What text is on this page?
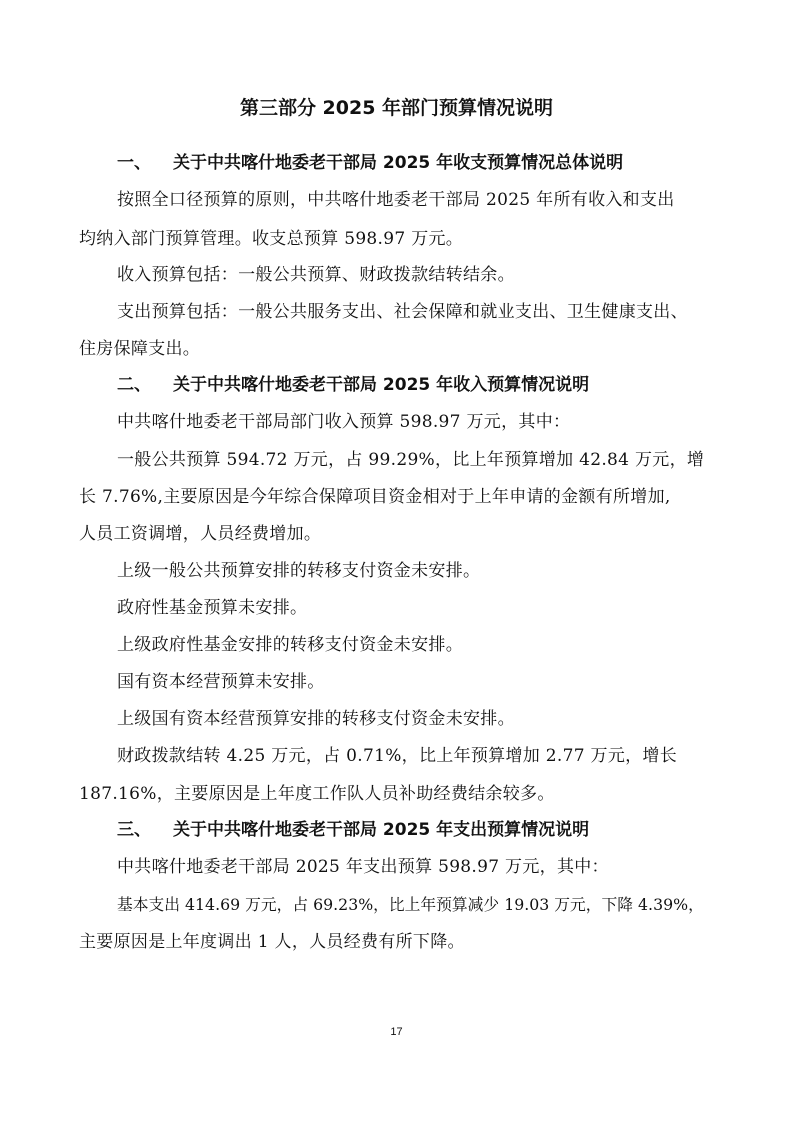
第三部分 2025 年部门预算情况说明
一、 关于中共喀什地委老干部局 2025 年收支预算情况总体说明
按照全口径预算的原则，中共喀什地委老干部局 2025 年所有收入和支出
均纳入部门预算管理。收支总预算 598.97 万元。
收入预算包括：一般公共预算、财政拨款结转结余。
支出预算包括：一般公共服务支出、社会保障和就业支出、卫生健康支出、
住房保障支出。
二、 关于中共喀什地委老干部局 2025 年收入预算情况说明
中共喀什地委老干部局部门收入预算 598.97 万元，其中：
一般公共预算 594.72 万元，占 99.29%，比上年预算增加 42.84 万元，增
长 7.76%,主要原因是今年综合保障项目资金相对于上年申请的金额有所增加,
人员工资调增，人员经费增加。
上级一般公共预算安排的转移支付资金未安排。
政府性基金预算未安排。
上级政府性基金安排的转移支付资金未安排。
国有资本经营预算未安排。
上级国有资本经营预算安排的转移支付资金未安排。
财政拨款结转 4.25 万元，占 0.71%，比上年预算增加 2.77 万元，增长
187.16%，主要原因是上年度工作队人员补助经费结余较多。
三、 关于中共喀什地委老干部局 2025 年支出预算情况说明
中共喀什地委老干部局 2025 年支出预算 598.97 万元，其中：
基本支出 414.69 万元，占 69.23%，比上年预算减少 19.03 万元，下降 4.39%，
主要原因是上年度调出 1 人，人员经费有所下降。
17
